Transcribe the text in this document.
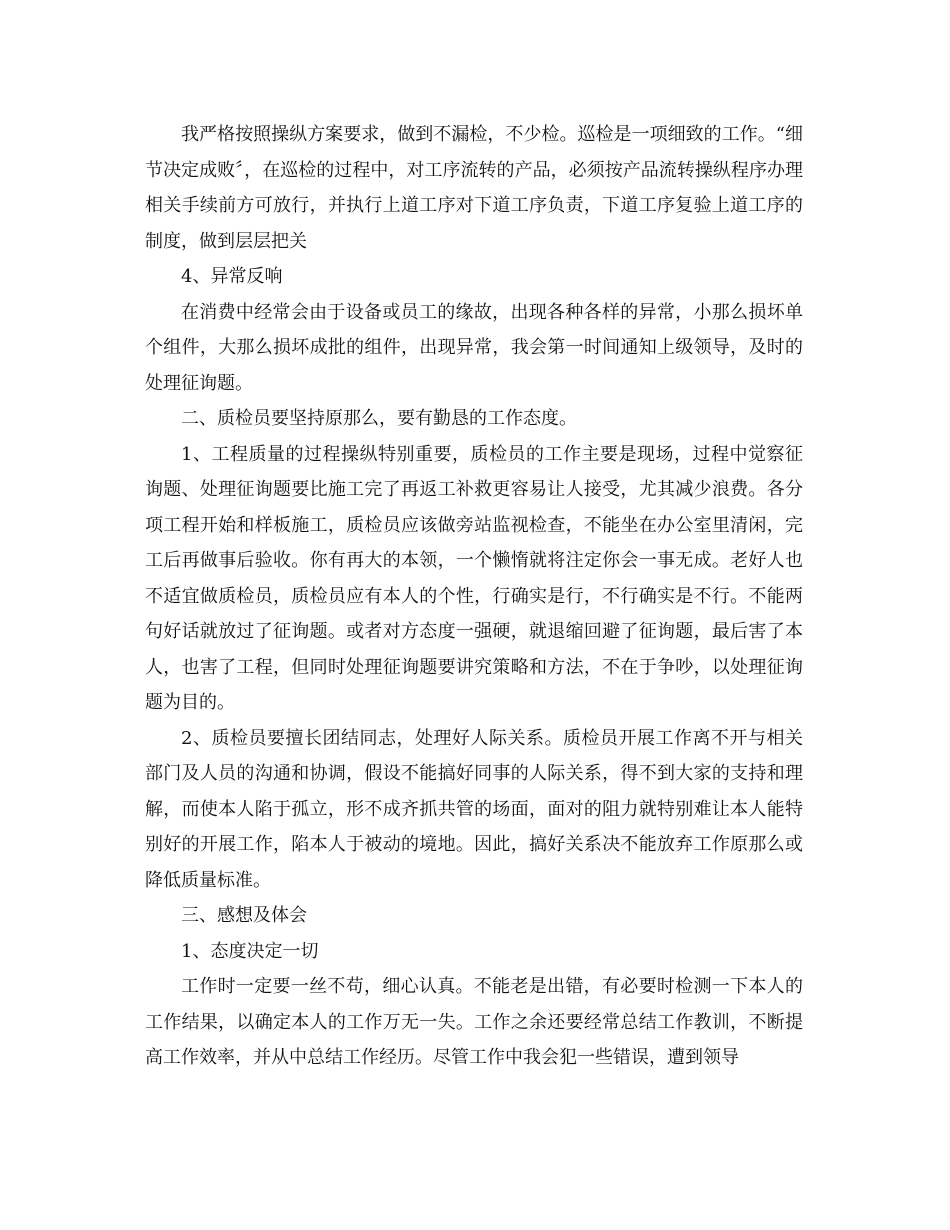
我严格按照操纵方案要求，做到不漏检，不少检。巡检是一项细致的工作。“细节决定成败〞，在巡检的过程中，对工序流转的产品，必须按产品流转操纵程序办理相关手续前方可放行，并执行上道工序对下道工序负责，下道工序复验上道工序的制度，做到层层把关

4、异常反响

在消费中经常会由于设备或员工的缘故，出现各种各样的异常，小那么损坏单个组件，大那么损坏成批的组件，出现异常，我会第一时间通知上级领导，及时的处理征询题。

二、质检员要坚持原那么，要有勤恳的工作态度。

1、工程质量的过程操纵特别重要，质检员的工作主要是现场，过程中觉察征询题、处理征询题要比施工完了再返工补救更容易让人接受，尤其减少浪费。各分项工程开始和样板施工，质检员应该做旁站监视检查，不能坐在办公室里清闲，完工后再做事后验收。你有再大的本领，一个懒惰就将注定你会一事无成。老好人也不适宜做质检员，质检员应有本人的个性，行确实是行，不行确实是不行。不能两句好话就放过了征询题。或者对方态度一强硬，就退缩回避了征询题，最后害了本人，也害了工程，但同时处理征询题要讲究策略和方法，不在于争吵，以处理征询题为目的。

2、质检员要擅长团结同志，处理好人际关系。质检员开展工作离不开与相关部门及人员的沟通和协调，假设不能搞好同事的人际关系，得不到大家的支持和理解，而使本人陷于孤立，形不成齐抓共管的场面，面对的阻力就特别难让本人能特别好的开展工作，陷本人于被动的境地。因此，搞好关系决不能放弃工作原那么或降低质量标准。

三、感想及体会

1、态度决定一切

工作时一定要一丝不苟，细心认真。不能老是出错，有必要时检测一下本人的工作结果，以确定本人的工作万无一失。工作之余还要经常总结工作教训，不断提高工作效率，并从中总结工作经历。尽管工作中我会犯一些错误，遭到领导
